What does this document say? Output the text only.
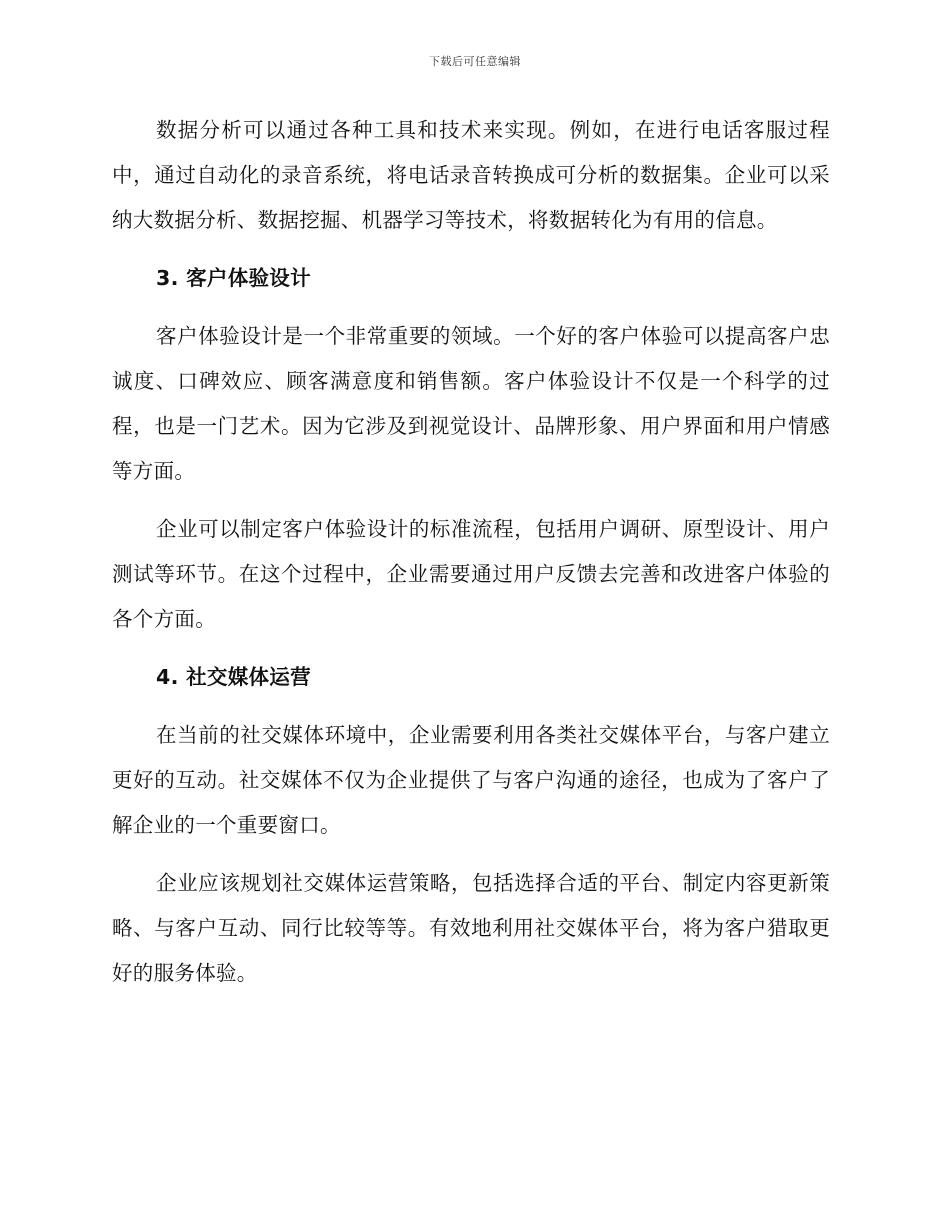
下载后可任意编辑

数据分析可以通过各种工具和技术来实现。例如，在进行电话客服过程中，通过自动化的录音系统，将电话录音转换成可分析的数据集。企业可以采纳大数据分析、数据挖掘、机器学习等技术，将数据转化为有用的信息。

3. 客户体验设计

客户体验设计是一个非常重要的领域。一个好的客户体验可以提高客户忠诚度、口碑效应、顾客满意度和销售额。客户体验设计不仅是一个科学的过程，也是一门艺术。因为它涉及到视觉设计、品牌形象、用户界面和用户情感等方面。

企业可以制定客户体验设计的标准流程，包括用户调研、原型设计、用户测试等环节。在这个过程中，企业需要通过用户反馈去完善和改进客户体验的各个方面。

4. 社交媒体运营

在当前的社交媒体环境中，企业需要利用各类社交媒体平台，与客户建立更好的互动。社交媒体不仅为企业提供了与客户沟通的途径，也成为了客户了解企业的一个重要窗口。

企业应该规划社交媒体运营策略，包括选择合适的平台、制定内容更新策略、与客户互动、同行比较等等。有效地利用社交媒体平台，将为客户猎取更好的服务体验。
